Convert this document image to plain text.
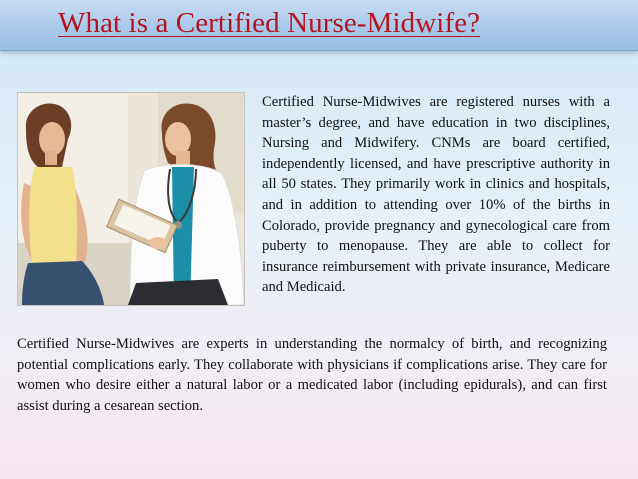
What is a Certified Nurse-Midwife?

Certified Nurse-Midwives are registered nurses with a master’s degree, and have education in two disciplines, Nursing and Midwifery. CNMs are board certified, independently licensed, and have prescriptive authority in all 50 states. They primarily work in clinics and hospitals, and in addition to attending over 10% of the births in Colorado, provide pregnancy and gynecological care from puberty to menopause. They are able to collect for insurance reimbursement with private insurance, Medicare and Medicaid.

Certified Nurse-Midwives are experts in understanding the normalcy of birth, and recognizing potential complications early. They collaborate with physicians if complications arise. They care for women who desire either a natural labor or a medicated labor (including epidurals), and can first assist during a cesarean section.
